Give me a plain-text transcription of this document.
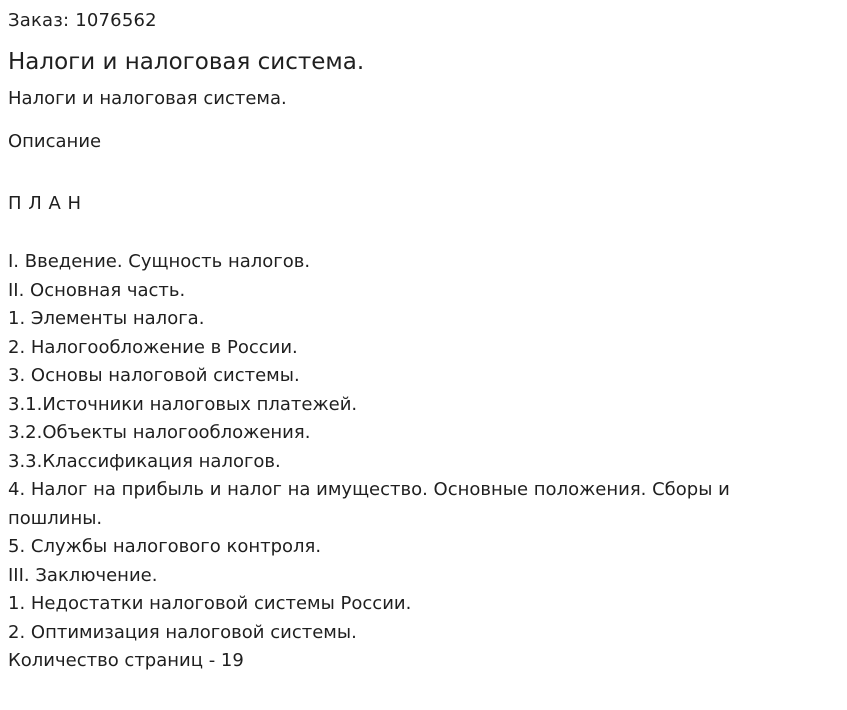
Заказ: 1076562
Налоги и налоговая система.
Налоги и налоговая система.
Описание
П Л А Н
I. Введение. Сущность налогов.
II. Основная часть.
1. Элементы налога.
2. Налогообложение в России.
3. Основы налоговой системы.
3.1.Источники налоговых платежей.
3.2.Объекты налогообложения.
3.3.Классификация налогов.
4. Налог на прибыль и налог на имущество. Основные положения. Сборы и пошлины.
5. Службы налогового контроля.
III. Заключение.
1. Недостатки налоговой системы России.
2. Оптимизация налоговой системы.
Количество страниц - 19
